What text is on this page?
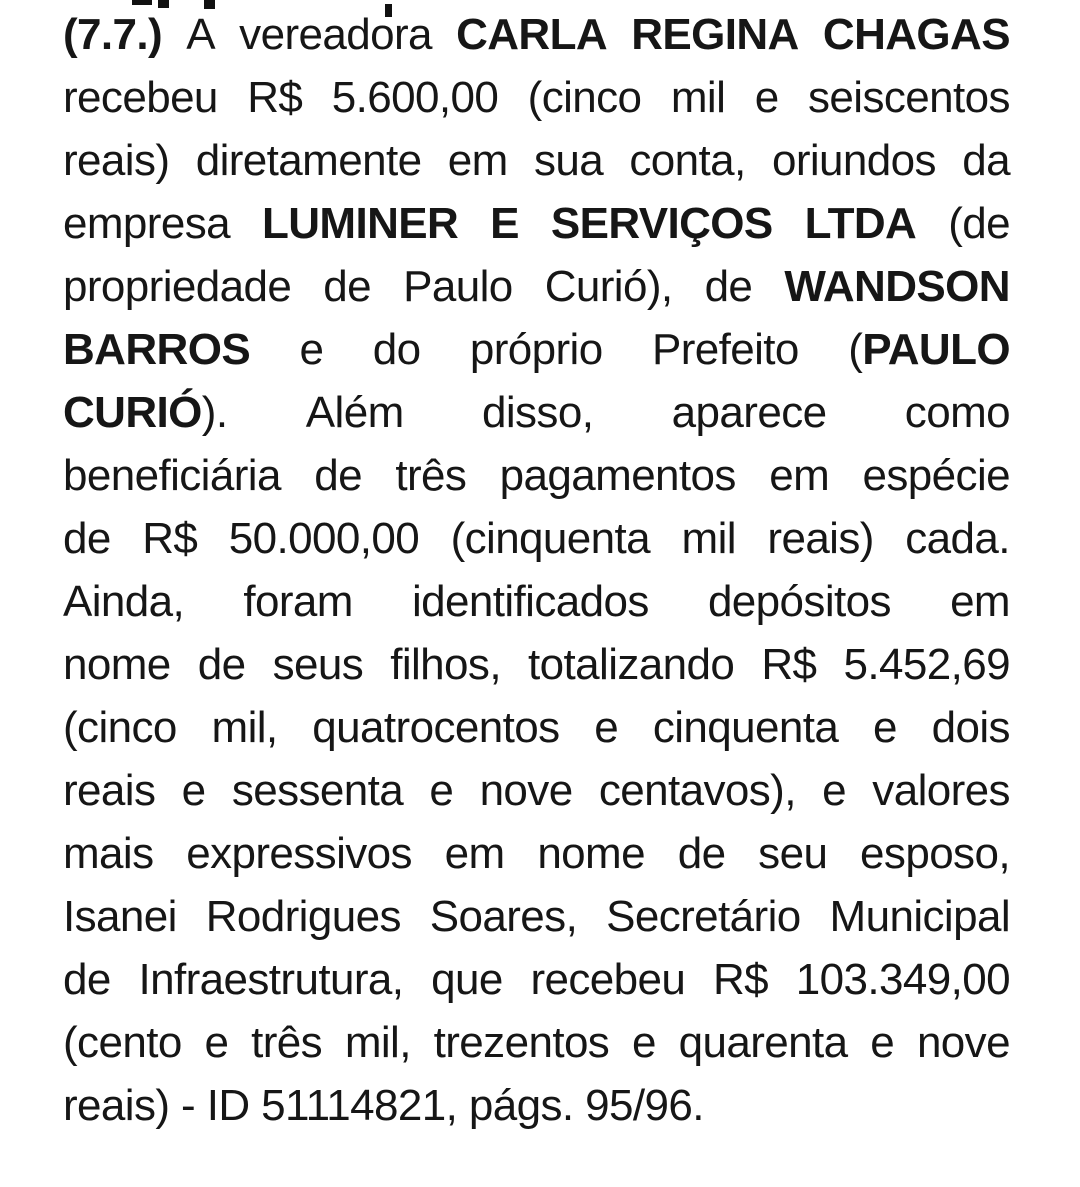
(7.7.) A vereadora CARLA REGINA CHAGAS
recebeu R$ 5.600,00 (cinco mil e seiscentos
reais) diretamente em sua conta, oriundos da
empresa LUMINER E SERVIÇOS LTDA (de
propriedade de Paulo Curió), de WANDSON
BARROS e do próprio Prefeito (PAULO
CURIÓ). Além disso, aparece como
beneficiária de três pagamentos em espécie
de R$ 50.000,00 (cinquenta mil reais) cada.
Ainda, foram identificados depósitos em
nome de seus filhos, totalizando R$ 5.452,69
(cinco mil, quatrocentos e cinquenta e dois
reais e sessenta e nove centavos), e valores
mais expressivos em nome de seu esposo,
Isanei Rodrigues Soares, Secretário Municipal
de Infraestrutura, que recebeu R$ 103.349,00
(cento e três mil, trezentos e quarenta e nove
reais) - ID 51114821, págs. 95/96.
